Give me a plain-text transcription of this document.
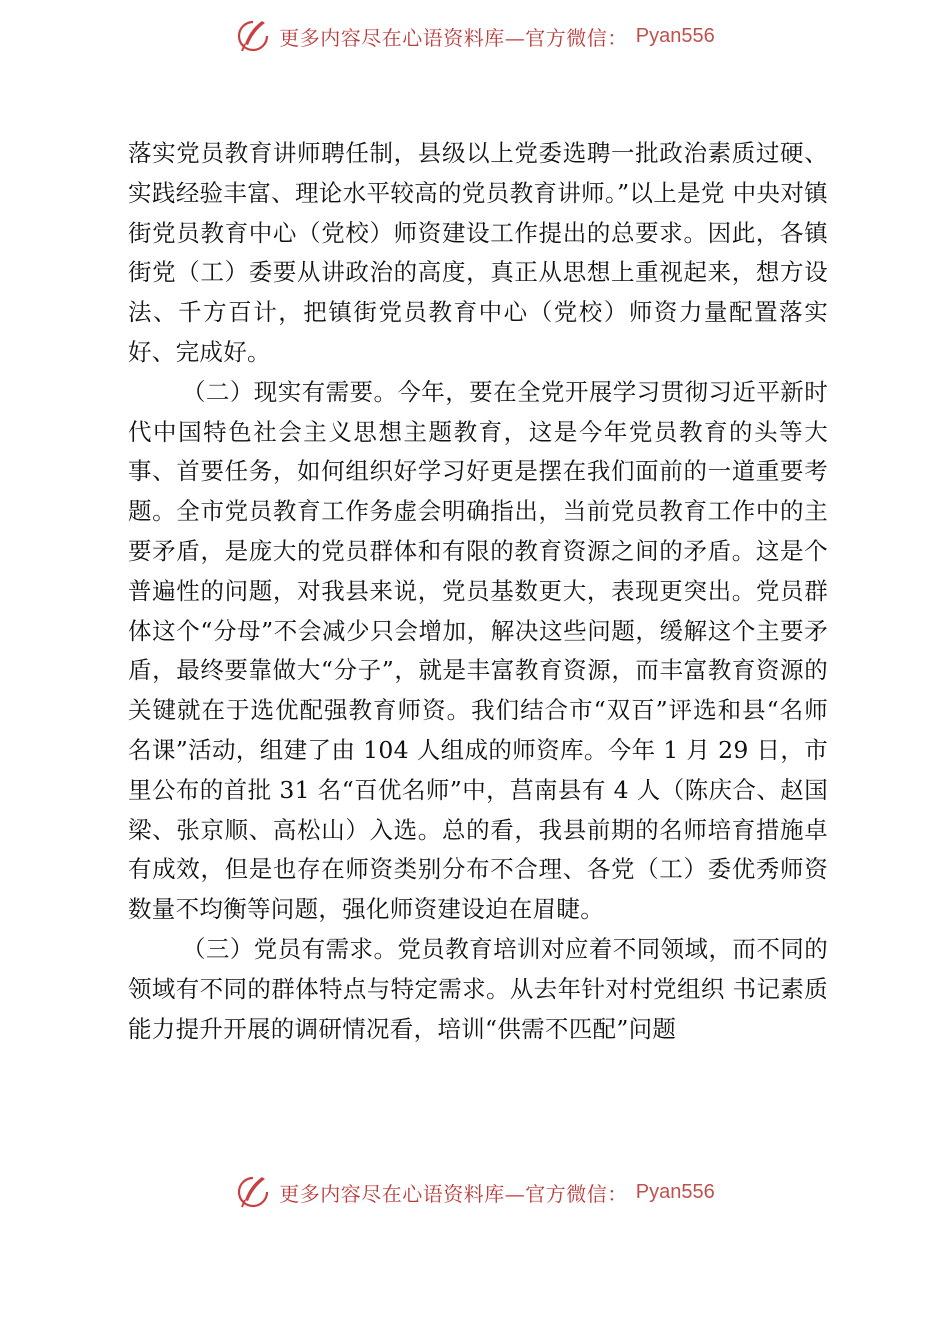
更多内容尽在心语资料库—官方微信： Pyan556

落实党员教育讲师聘任制，县级以上党委选聘一批政治素质过硬、实践经验丰富、理论水平较高的党员教育讲师。”以上是党 中央对镇街党员教育中心（党校）师资建设工作提出的总要求。因此，各镇街党（工）委要从讲政治的高度，真正从思想上重视起来，想方设法、千方百计，把镇街党员教育中心（党校）师资力量配置落实好、完成好。

（二）现实有需要。今年，要在全党开展学习贯彻习近平新时代中国特色社会主义思想主题教育，这是今年党员教育的头等大事、首要任务，如何组织好学习好更是摆在我们面前的一道重要考题。全市党员教育工作务虚会明确指出，当前党员教育工作中的主要矛盾，是庞大的党员群体和有限的教育资源之间的矛盾。这是个普遍性的问题，对我县来说，党员基数更大，表现更突出。党员群体这个“分母”不会减少只会增加，解决这些问题，缓解这个主要矛盾，最终要靠做大“分子”，就是丰富教育资源，而丰富教育资源的关键就在于选优配强教育师资。我们结合市“双百”评选和县“名师名课”活动，组建了由 104 人组成的师资库。今年 1 月 29 日，市里公布的首批 31 名“百优名师”中，莒南县有 4 人（陈庆合、赵国梁、张京顺、高松山）入选。总的看，我县前期的名师培育措施卓有成效，但是也存在师资类别分布不合理、各党（工）委优秀师资数量不均衡等问题，强化师资建设迫在眉睫。

（三）党员有需求。党员教育培训对应着不同领域，而不同的领域有不同的群体特点与特定需求。从去年针对村党组织 书记素质能力提升开展的调研情况看，培训“供需不匹配”问题

更多内容尽在心语资料库—官方微信： Pyan556
